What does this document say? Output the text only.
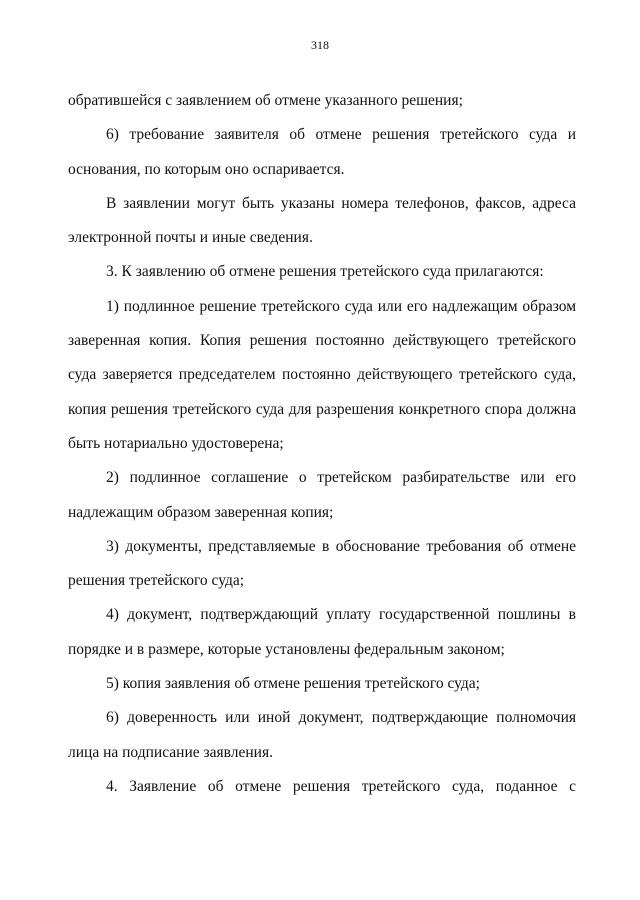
318

обратившейся с заявлением об отмене указанного решения;

6) требование заявителя об отмене решения третейского суда и основания, по которым оно оспаривается.

В заявлении могут быть указаны номера телефонов, факсов, адреса электронной почты и иные сведения.

3. К заявлению об отмене решения третейского суда прилагаются:

1) подлинное решение третейского суда или его надлежащим образом заверенная копия. Копия решения постоянно действующего третейского суда заверяется председателем постоянно действующего третейского суда, копия решения третейского суда для разрешения конкретного спора должна быть нотариально удостоверена;

2) подлинное соглашение о третейском разбирательстве или его надлежащим образом заверенная копия;

3) документы, представляемые в обоснование требования об отмене решения третейского суда;

4) документ, подтверждающий уплату государственной пошлины в порядке и в размере, которые установлены федеральным законом;

5) копия заявления об отмене решения третейского суда;

6) доверенность или иной документ, подтверждающие полномочия лица на подписание заявления.

4. Заявление об отмене решения третейского суда, поданное с
